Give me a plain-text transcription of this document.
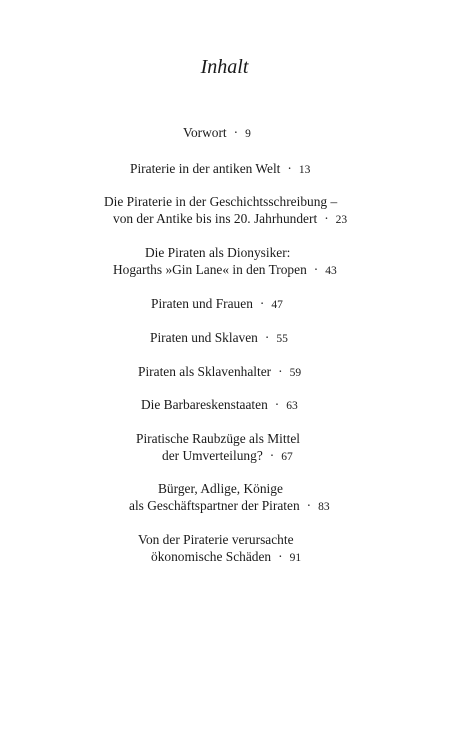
Inhalt
Vorwort · 9
Piraterie in der antiken Welt · 13
Die Piraterie in der Geschichtsschreibung –
von der Antike bis ins 20. Jahrhundert · 23
Die Piraten als Dionysiker:
Hogarths »Gin Lane« in den Tropen · 43
Piraten und Frauen · 47
Piraten und Sklaven · 55
Piraten als Sklavenhalter · 59
Die Barbareskenstaaten · 63
Piratische Raubzüge als Mittel
der Umverteilung? · 67
Bürger, Adlige, Könige
als Geschäftspartner der Piraten · 83
Von der Piraterie verursachte
ökonomische Schäden · 91
